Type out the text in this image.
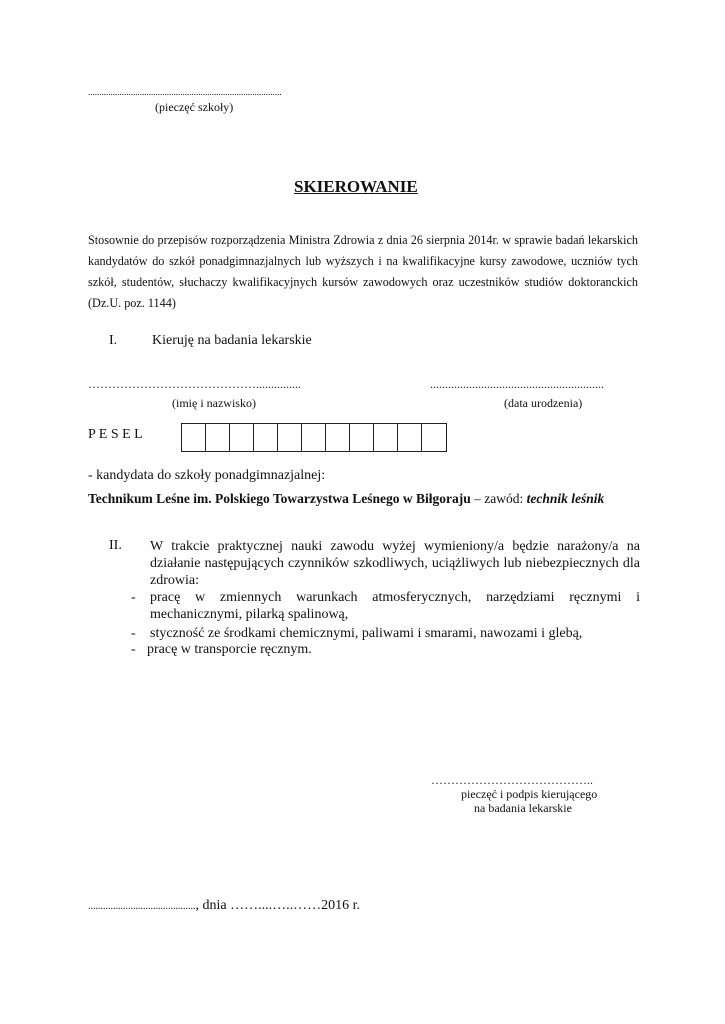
......................................................................................
(pieczęć szkoły)
SKIEROWANIE

Stosownie do przepisów rozporządzenia Ministra Zdrowia z dnia 26 sierpnia 2014r. w sprawie badań lekarskich kandydatów do szkół ponadgimnazjalnych lub wyższych i na kwalifikacyjne kursy zawodowe, uczniów tych szkół, studentów, słuchaczy kwalifikacyjnych kursów zawodowych oraz uczestników studiów doktoranckich (Dz.U. poz. 1144)

I. Kieruję na badania lekarskie
……………………………………...............
(imię i nazwisko)
..........................................................
(data urodzenia)
P E S E L
- kandydata do szkoły ponadgimnazjalnej:
Technikum Leśne im. Polskiego Towarzystwa Leśnego w Biłgoraju – zawód: technik leśnik
II. W trakcie praktycznej nauki zawodu wyżej wymieniony/a będzie narażony/a na działanie następujących czynników szkodliwych, uciążliwych lub niebezpiecznych dla zdrowia:
- pracę w zmiennych warunkach atmosferycznych, narzędziami ręcznymi i mechanicznymi, pilarką spalinową,
- styczność ze środkami chemicznymi, paliwami i smarami, nawozami i glebą,
- pracę w transporcie ręcznym.
…………………………………..
pieczęć i podpis kierującego
na badania lekarskie
..........................................., dnia ……....…..……2016 r.
